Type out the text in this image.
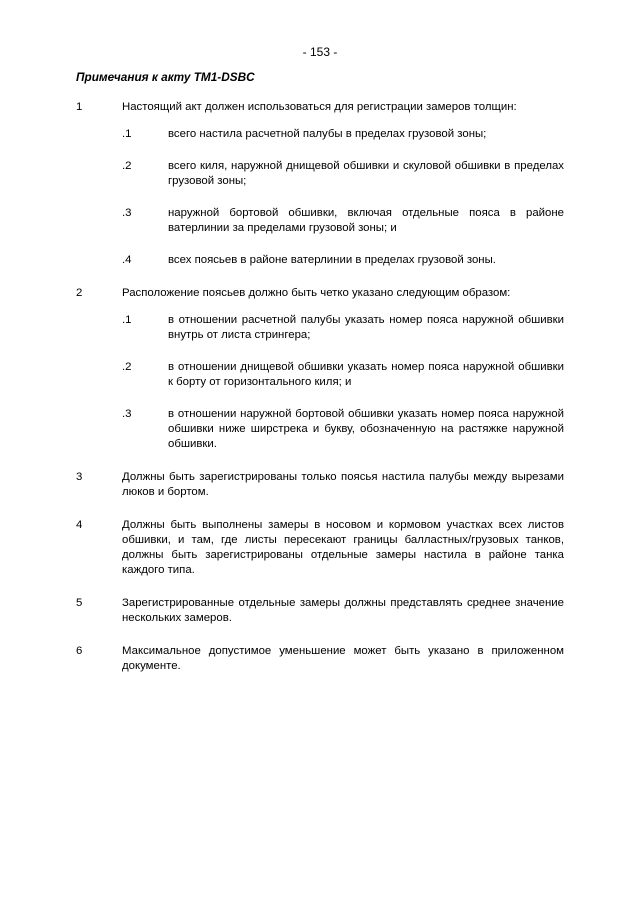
- 153 -
Примечания к акту TM1-DSBC
1	Настоящий акт должен использоваться для регистрации замеров толщин:
.1	всего настила расчетной палубы в пределах грузовой зоны;
.2	всего киля, наружной днищевой обшивки и скуловой обшивки в пределах грузовой зоны;
.3	наружной бортовой обшивки, включая отдельные пояса в районе ватерлинии за пределами грузовой зоны; и
.4	всех поясьев в районе ватерлинии в пределах грузовой зоны.
2	Расположение поясьев должно быть четко указано следующим образом:
.1	в отношении расчетной палубы указать номер пояса наружной обшивки внутрь от листа стрингера;
.2	в отношении днищевой обшивки указать номер пояса наружной обшивки к борту от горизонтального киля; и
.3	в отношении наружной бортовой обшивки указать номер пояса наружной обшивки ниже ширстрека и букву, обозначенную на растяжке наружной обшивки.
3	Должны быть зарегистрированы только поясья настила палубы между вырезами люков и бортом.
4	Должны быть выполнены замеры в носовом и кормовом участках всех листов обшивки, и там, где листы пересекают границы балластных/грузовых танков, должны быть зарегистрированы отдельные замеры настила в районе танка каждого типа.
5	Зарегистрированные отдельные замеры должны представлять среднее значение нескольких замеров.
6	Максимальное допустимое уменьшение может быть указано в приложенном документе.
